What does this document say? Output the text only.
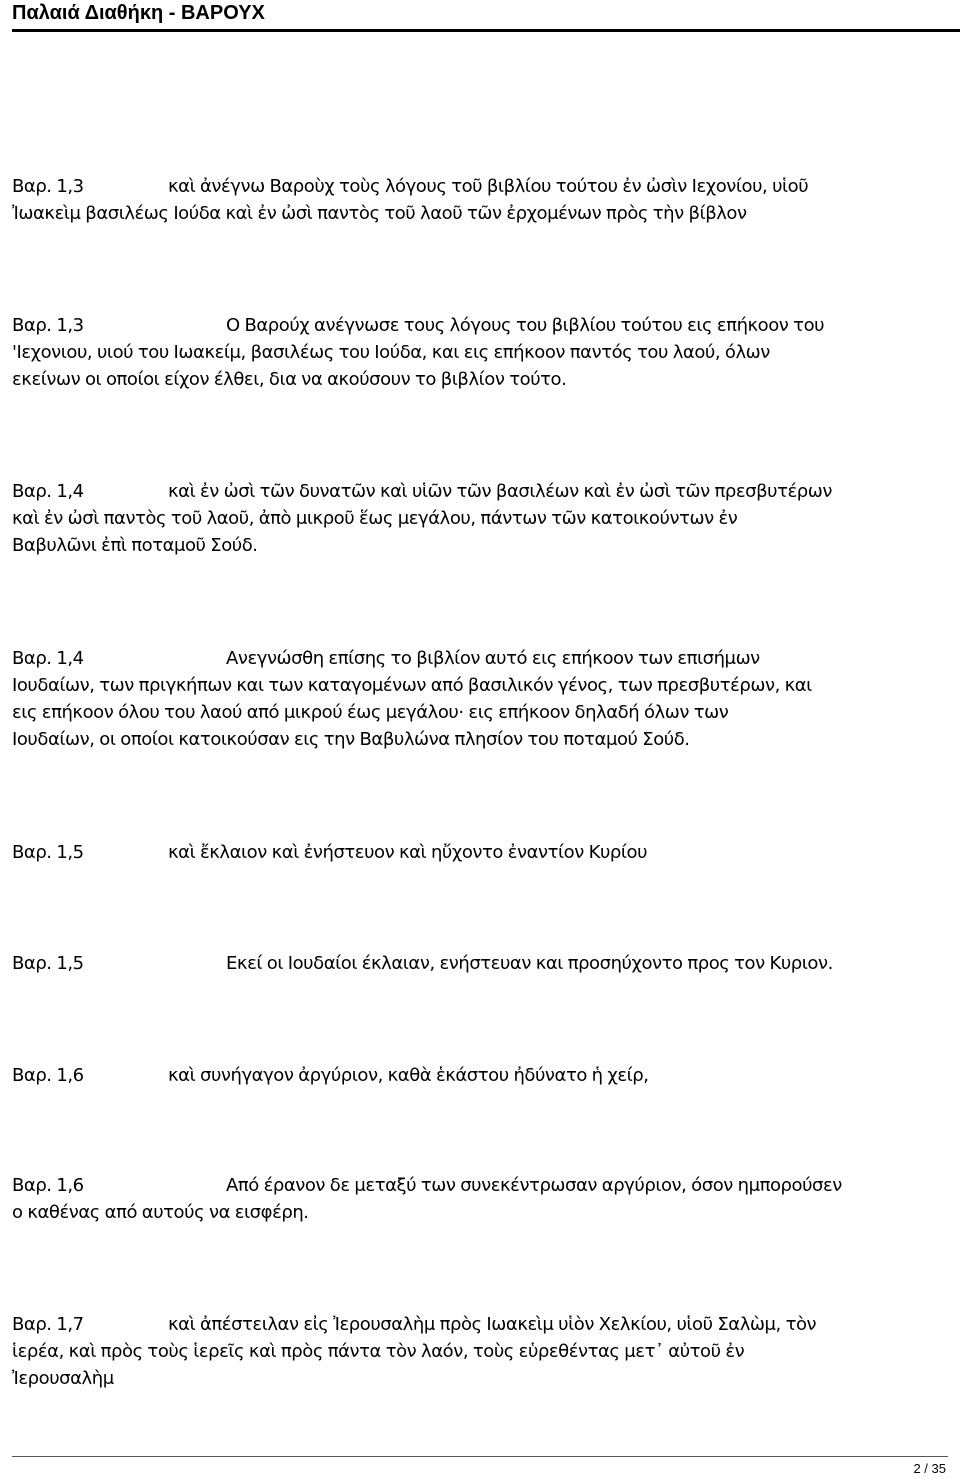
Παλαιά Διαθήκη - ΒΑΡΟΥΧ
Βαρ. 1,3	καὶ ἀνέγνω Βαροὺχ τοὺς λόγους τοῦ βιβλίου τούτου ἐν ὠσὶν Ιεχονίου, υἱοῦ
Ἰωακεὶμ βασιλέως Ιούδα καὶ ἐν ὠσὶ παντὸς τοῦ λαοῦ τῶν ἐρχομένων πρὸς τὴν βίβλον
Βαρ. 1,3	Ο Βαρούχ ανέγνωσε τους λόγους του βιβλίου τούτου εις επήκοον του
'Ιεχονιου, υιού του Ιωακείμ, βασιλέως του Ιούδα, και εις επήκοον παντός του λαού, όλων
εκείνων οι οποίοι είχον έλθει, δια να ακούσουν το βιβλίον τούτο.
Βαρ. 1,4	καὶ ἐν ὠσὶ τῶν δυνατῶν καὶ υἱῶν τῶν βασιλέων καὶ ἐν ὠσὶ τῶν πρεσβυτέρων
καὶ ἐν ὠσὶ παντὸς τοῦ λαοῦ, ἀπὸ μικροῦ ἕως μεγάλου, πάντων τῶν κατοικούντων ἐν
Βαβυλῶνι ἐπὶ ποταμοῦ Σούδ.
Βαρ. 1,4	Ανεγνώσθη επίσης το βιβλίον αυτό εις επήκοον των επισήμων
Ιουδαίων, των πριγκήπων και των καταγομένων από βασιλικόν γένος, των πρεσβυτέρων, και
εις επήκοον όλου του λαού από μικρού έως μεγάλου· εις επήκοον δηλαδή όλων των
Ιουδαίων, οι οποίοι κατοικούσαν εις την Βαβυλώνα πλησίον του ποταμού Σούδ.
Βαρ. 1,5	καὶ ἔκλαιον καὶ ἐνήστευον καὶ ηὔχοντο ἐναντίον Κυρίου
Βαρ. 1,5	Εκεί οι Ιουδαίοι έκλαιαν, ενήστευαν και προσηύχοντο προς τον Κυριον.
Βαρ. 1,6	καὶ συνήγαγον ἀργύριον, καθὰ ἑκάστου ἠδύνατο ἡ χείρ,
Βαρ. 1,6	Από έρανον δε μεταξύ των συνεκέντρωσαν αργύριον, όσον ημπορούσεν
ο καθένας από αυτούς να εισφέρη.
Βαρ. 1,7	καὶ ἀπέστειλαν εἰς Ἰερουσαλὴμ πρὸς Ιωακεὶμ υἱὸν Χελκίου, υἱοῦ Σαλὼμ, τὸν
ἱερέα, καὶ πρὸς τοὺς ἱερεῖς καὶ πρὸς πάντα τὸν λαόν, τοὺς εὑρεθέντας μετ᾿ αὐτοῦ ἐν
Ἰερουσαλὴμ
2 / 35
